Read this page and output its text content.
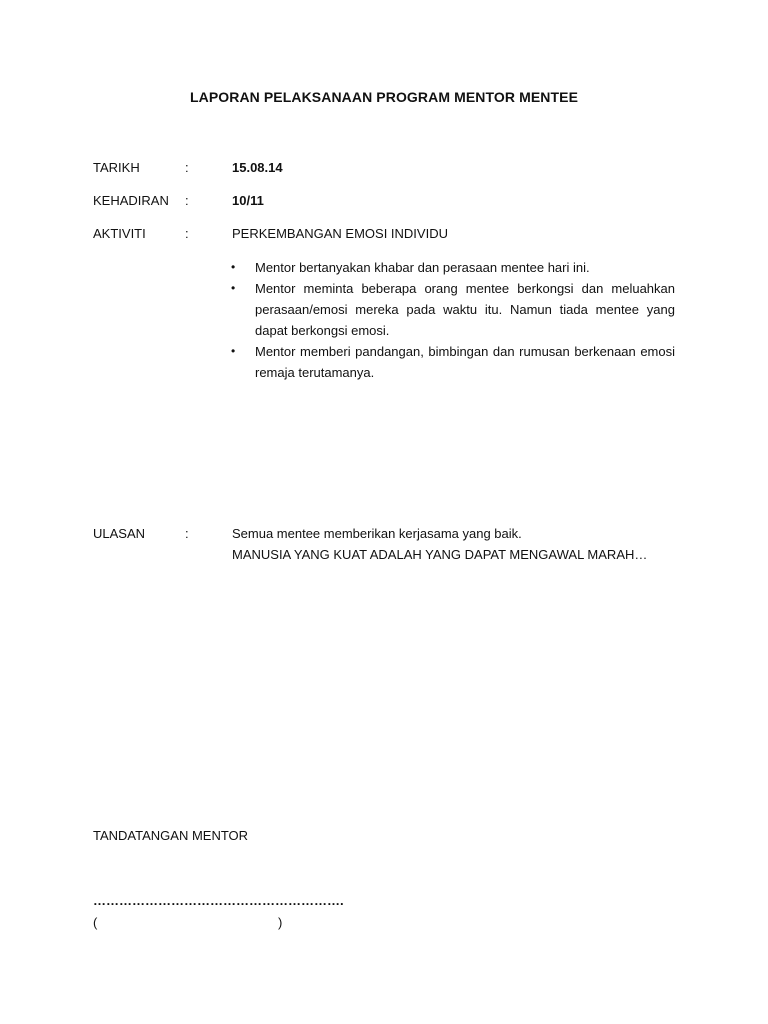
LAPORAN PELAKSANAAN PROGRAM MENTOR MENTEE
TARIKH	:	15.08.14
KEHADIRAN :	10/11
AKTIVITI	:	PERKEMBANGAN EMOSI INDIVIDU
• Mentor bertanyakan khabar dan perasaan mentee hari ini.
• Mentor meminta beberapa orang mentee berkongsi dan meluahkan perasaan/emosi mereka pada waktu itu. Namun tiada mentee yang dapat berkongsi emosi.
• Mentor memberi pandangan, bimbingan dan rumusan berkenaan emosi remaja terutamanya.
ULASAN	:	Semua mentee memberikan kerjasama yang baik.
MANUSIA YANG KUAT ADALAH YANG DAPAT MENGAWAL MARAH…
TANDATANGAN MENTOR
………………………………………………….
(	)
